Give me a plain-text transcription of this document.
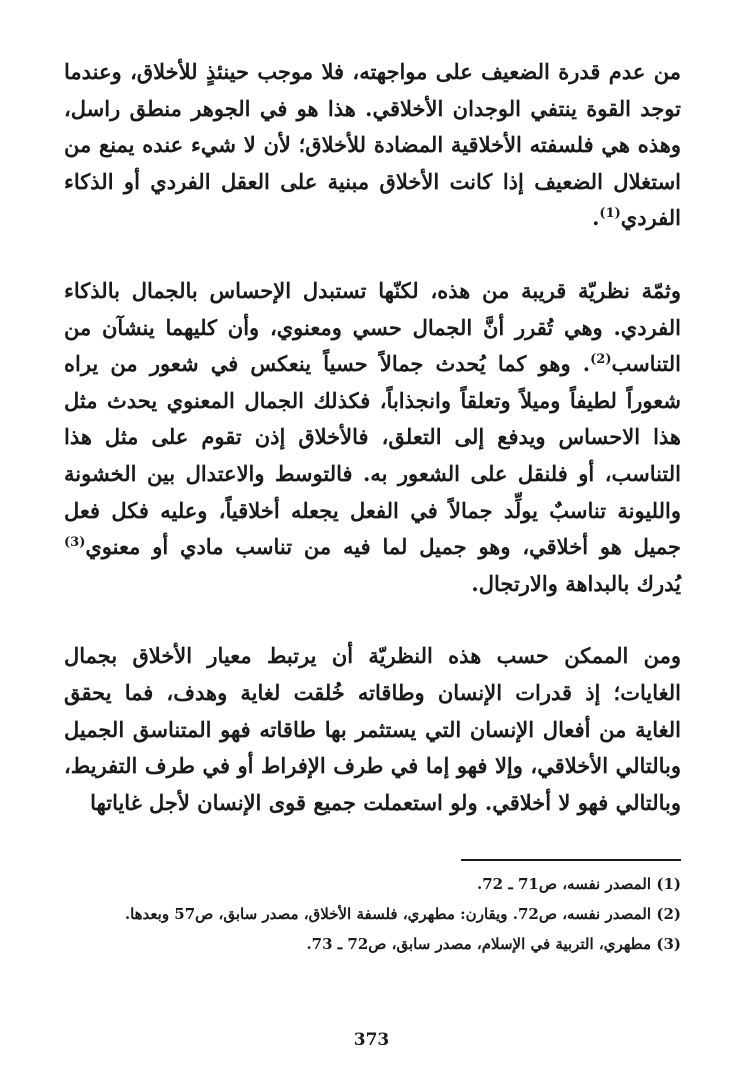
من عدم قدرة الضعيف على مواجهته، فلا موجب حينئذٍ للأخلاق، وعندما توجد القوة ينتفي الوجدان الأخلاقي. هذا هو في الجوهر منطق راسل، وهذه هي فلسفته الأخلاقية المضادة للأخلاق؛ لأن لا شيء عنده يمنع من استغلال الضعيف إذا كانت الأخلاق مبنية على العقل الفردي أو الذكاء الفردي$^{(1)}$.

وثمّة نظريّة قريبة من هذه، لكنّها تستبدل الإحساس بالجمال بالذكاء الفردي. وهي تُقرر أنَّ الجمال حسي ومعنوي، وأن كليهما ينشآن من التناسب$^{(2)}$. وهو كما يُحدث جمالاً حسياً ينعكس في شعور من يراه شعوراً لطيفاً وميلاً وتعلقاً وانجذاباً، فكذلك الجمال المعنوي يحدث مثل هذا الاحساس ويدفع إلى التعلق، فالأخلاق إذن تقوم على مثل هذا التناسب، أو فلنقل على الشعور به. فالتوسط والاعتدال بين الخشونة والليونة تناسبٌ يولِّد جمالاً في الفعل يجعله أخلاقياً، وعليه فكل فعل جميل هو أخلاقي، وهو جميل لما فيه من تناسب مادي أو معنوي$^{(3)}$ يُدرك بالبداهة والارتجال.

ومن الممكن حسب هذه النظريّة أن يرتبط معيار الأخلاق بجمال الغايات؛ إذ قدرات الإنسان وطاقاته خُلقت لغاية وهدف، فما يحقق الغاية من أفعال الإنسان التي يستثمر بها طاقاته فهو المتناسق الجميل وبالتالي الأخلاقي، وإلا فهو إما في طرف الإفراط أو في طرف التفريط، وبالتالي فهو لا أخلاقي. ولو استعملت جميع قوى الإنسان لأجل غاياتها

(1)
المصدر نفسه، ص71 ـ 72.
(2)
المصدر نفسه، ص72. ويقارن: مطهري، فلسفة الأخلاق، مصدر سابق، ص57 وبعدها.
(3)
مطهري، التربية في الإسلام، مصدر سابق، ص72 ـ 73.
373
